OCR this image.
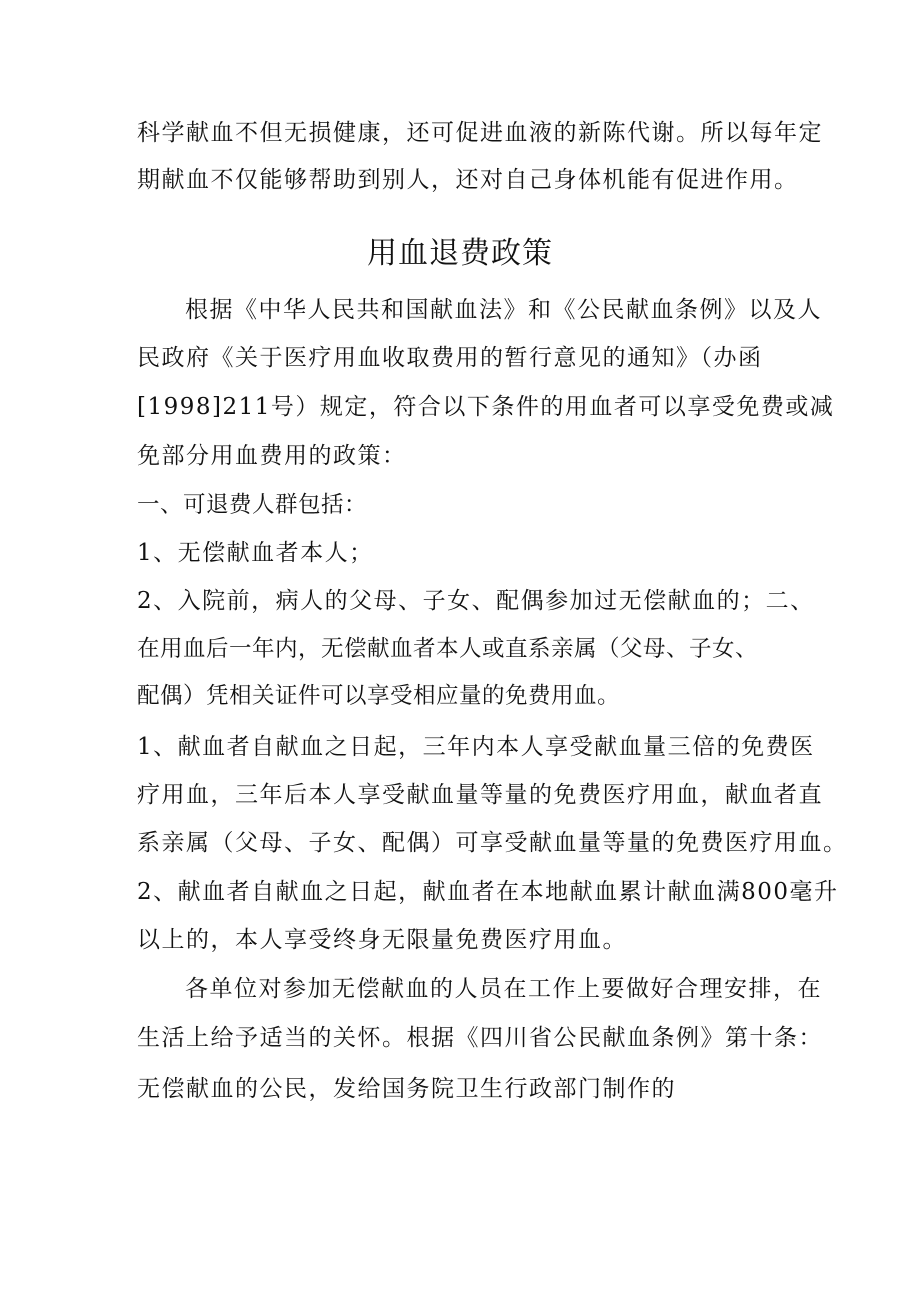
科学献血不但无损健康，还可促进血液的新陈代谢。所以每年定
期献血不仅能够帮助到别人，还对自己身体机能有促进作用。
用血退费政策
根据《中华人民共和国献血法》和《公民献血条例》以及人
民政府《关于医疗用血收取费用的暂行意见的通知》（办函
[1998]211号）规定，符合以下条件的用血者可以享受免费或减
免部分用血费用的政策：
一、可退费人群包括：
1、无偿献血者本人；
2、入院前，病人的父母、子女、配偶参加过无偿献血的；二、
在用血后一年内，无偿献血者本人或直系亲属（父母、子女、
配偶）凭相关证件可以享受相应量的免费用血。
1、献血者自献血之日起，三年内本人享受献血量三倍的免费医
疗用血，三年后本人享受献血量等量的免费医疗用血，献血者直
系亲属（父母、子女、配偶）可享受献血量等量的免费医疗用血。
2、献血者自献血之日起，献血者在本地献血累计献血满800毫升
以上的，本人享受终身无限量免费医疗用血。
各单位对参加无偿献血的人员在工作上要做好合理安排，在
生活上给予适当的关怀。根据《四川省公民献血条例》第十条：
无偿献血的公民，发给国务院卫生行政部门制作的
